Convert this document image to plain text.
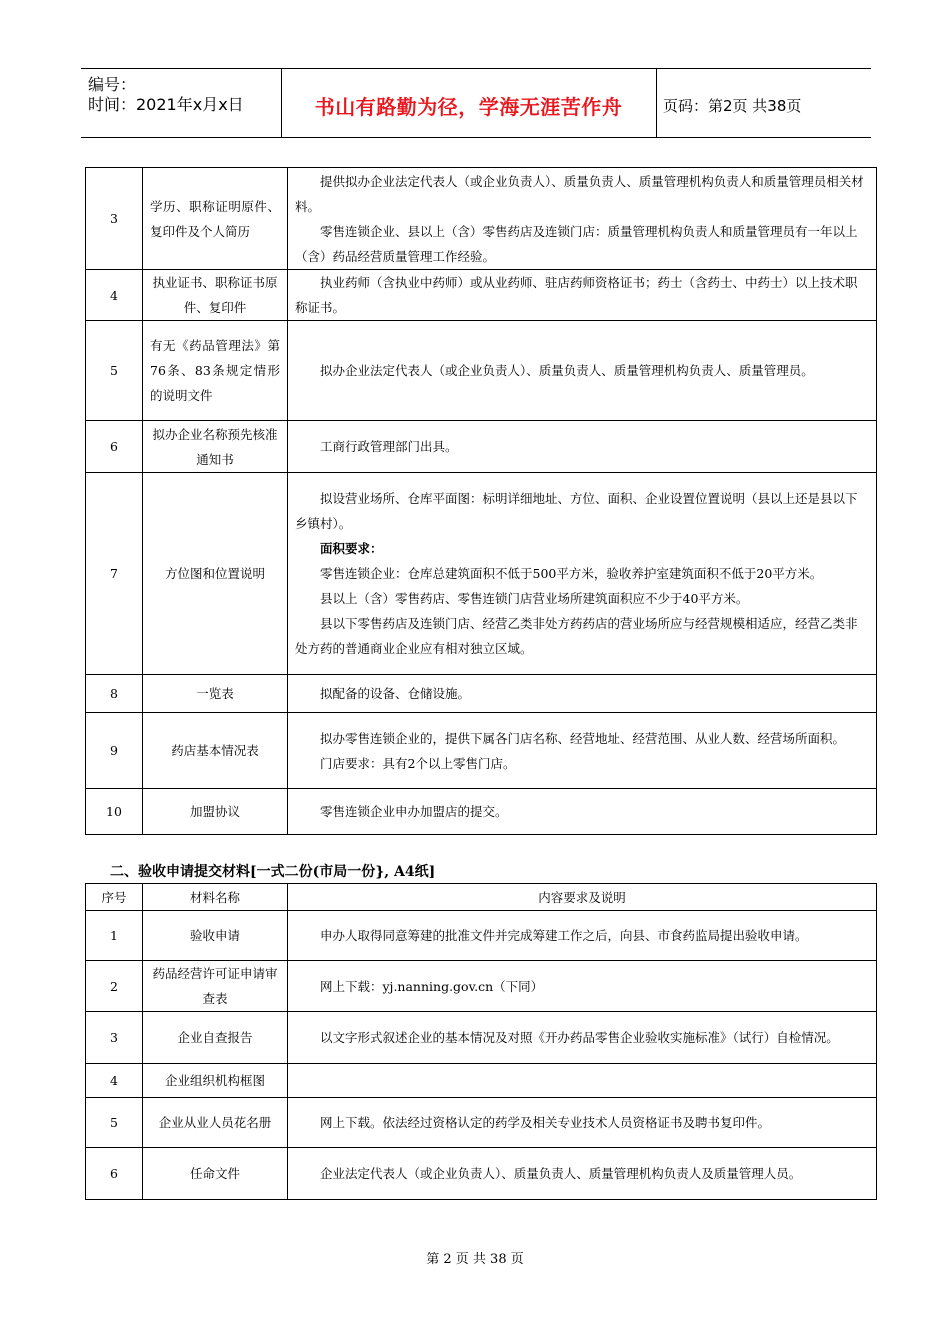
编号：
时间：2021年x月x日	书山有路勤为径，学海无涯苦作舟	页码：第2页 共38页
3	学历、职称证明原件、复印件及个人简历	提供拟办企业法定代表人（或企业负责人）、质量负责人、质量管理机构负责人和质量管理员相关材料。

零售连锁企业、县以上（含）零售药店及连锁门店：质量管理机构负责人和质量管理员有一年以上（含）药品经营质量管理工作经验。

4	执业证书、职称证书原件、复印件	执业药师（含执业中药师）或从业药师、驻店药师资格证书；药士（含药士、中药士）以上技术职称证书。

5	有无《药品管理法》第76条、83条规定情形的说明文件	拟办企业法定代表人（或企业负责人）、质量负责人、质量管理机构负责人、质量管理员。

6	拟办企业名称预先核准通知书	工商行政管理部门出具。

7	方位图和位置说明	拟设营业场所、仓库平面图：标明详细地址、方位、面积、企业设置位置说明（县以上还是县以下乡镇村）。

面积要求：

零售连锁企业：仓库总建筑面积不低于500平方米，验收养护室建筑面积不低于20平方米。

县以上（含）零售药店、零售连锁门店营业场所建筑面积应不少于40平方米。

县以下零售药店及连锁门店、经营乙类非处方药药店的营业场所应与经营规模相适应，经营乙类非处方药的普通商业企业应有相对独立区域。

8	一览表	拟配备的设备、仓储设施。

9	药店基本情况表	拟办零售连锁企业的，提供下属各门店名称、经营地址、经营范围、从业人数、经营场所面积。

门店要求：具有2个以上零售门店。

10	加盟协议	零售连锁企业申办加盟店的提交。

二、验收申请提交材料[一式二份(市局一份}, A4纸]
序号	材料名称	内容要求及说明
1	验收申请	申办人取得同意筹建的批准文件并完成筹建工作之后，向县、市食药监局提出验收申请。

2	药品经营许可证申请审查表	网上下载：yj.nanning.gov.cn（下同）

3	企业自查报告	以文字形式叙述企业的基本情况及对照《开办药品零售企业验收实施标准》（试行）自检情况。

4	企业组织机构框图	

5	企业从业人员花名册	网上下载。依法经过资格认定的药学及相关专业技术人员资格证书及聘书复印件。

6	任命文件	企业法定代表人（或企业负责人）、质量负责人、质量管理机构负责人及质量管理人员。

第 2 页 共 38 页
